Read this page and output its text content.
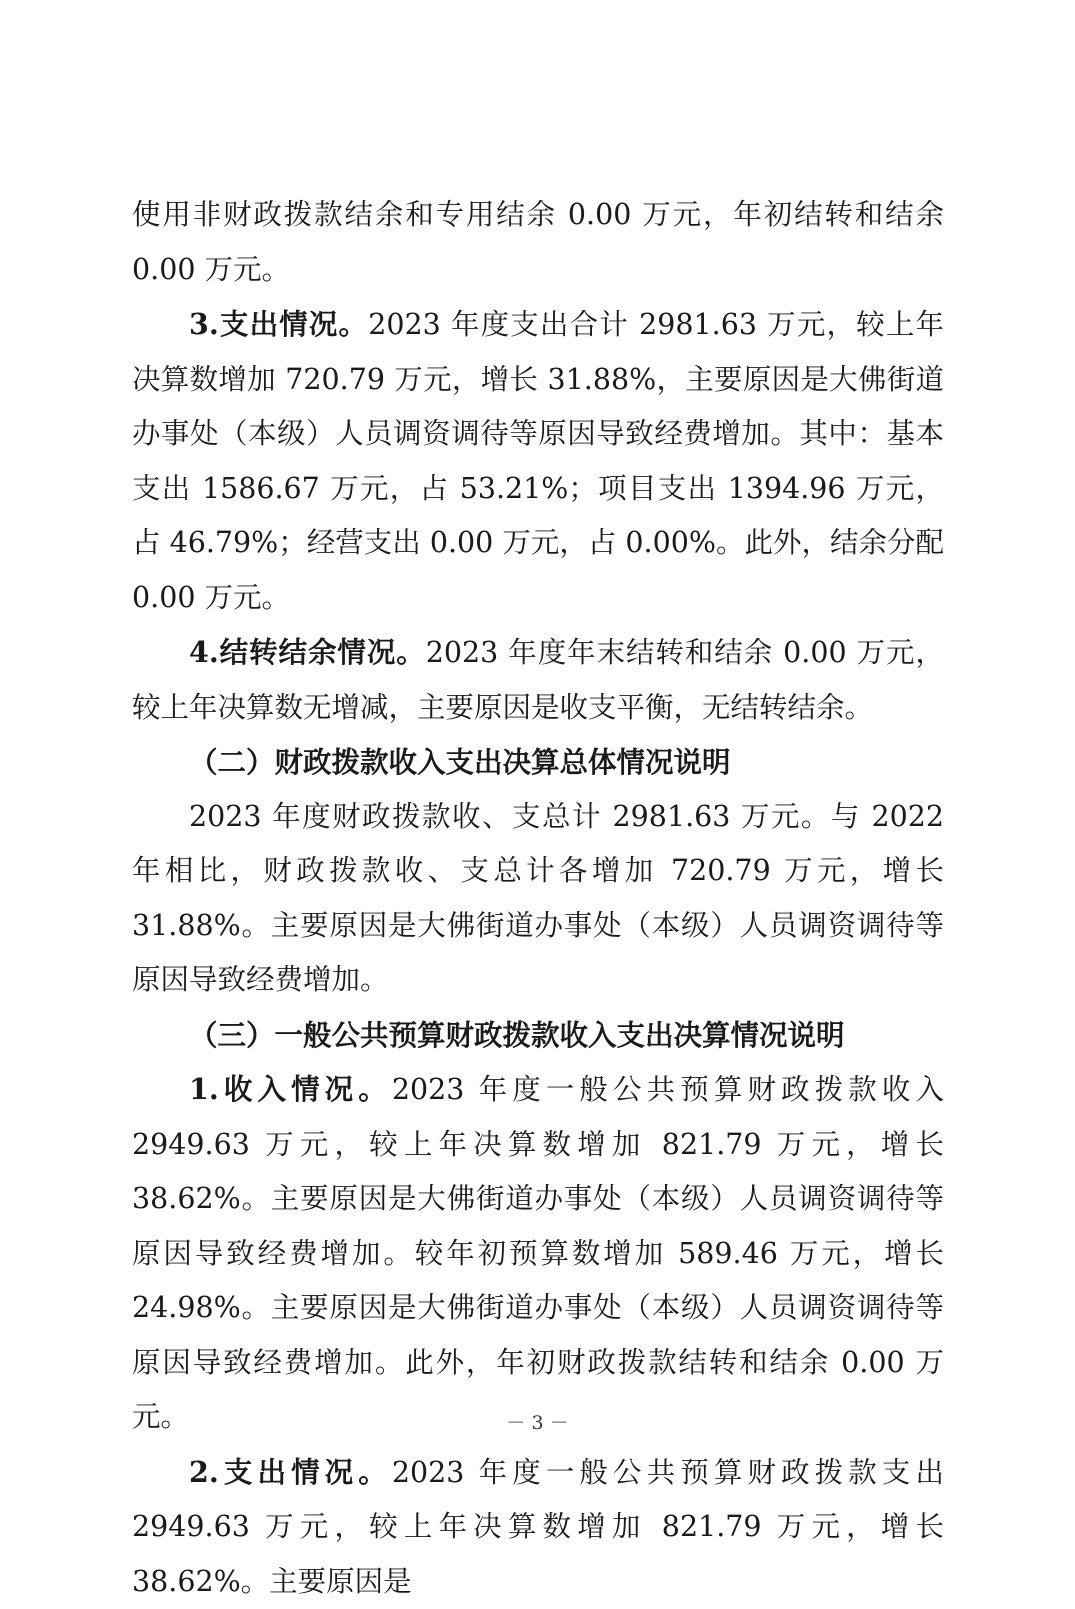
使用非财政拨款结余和专用结余 0.00 万元，年初结转和结余 0.00 万元。

3.支出情况。2023 年度支出合计 2981.63 万元，较上年决算数增加 720.79 万元，增长 31.88%，主要原因是大佛街道办事处（本级）人员调资调待等原因导致经费增加。其中：基本支出 1586.67 万元，占 53.21%；项目支出 1394.96 万元，占 46.79%；经营支出 0.00 万元，占 0.00%。此外，结余分配 0.00 万元。

4.结转结余情况。2023 年度年末结转和结余 0.00 万元，较上年决算数无增减，主要原因是收支平衡，无结转结余。

（二）财政拨款收入支出决算总体情况说明

2023 年度财政拨款收、支总计 2981.63 万元。与 2022 年相比，财政拨款收、支总计各增加 720.79 万元，增长 31.88%。主要原因是大佛街道办事处（本级）人员调资调待等原因导致经费增加。

（三）一般公共预算财政拨款收入支出决算情况说明

1.收入情况。2023 年度一般公共预算财政拨款收入 2949.63 万元，较上年决算数增加 821.79 万元，增长 38.62%。主要原因是大佛街道办事处（本级）人员调资调待等原因导致经费增加。较年初预算数增加 589.46 万元，增长 24.98%。主要原因是大佛街道办事处（本级）人员调资调待等原因导致经费增加。此外，年初财政拨款结转和结余 0.00 万元。

2.支出情况。2023 年度一般公共预算财政拨款支出 2949.63 万元，较上年决算数增加 821.79 万元，增长 38.62%。主要原因是

－ 3 －
